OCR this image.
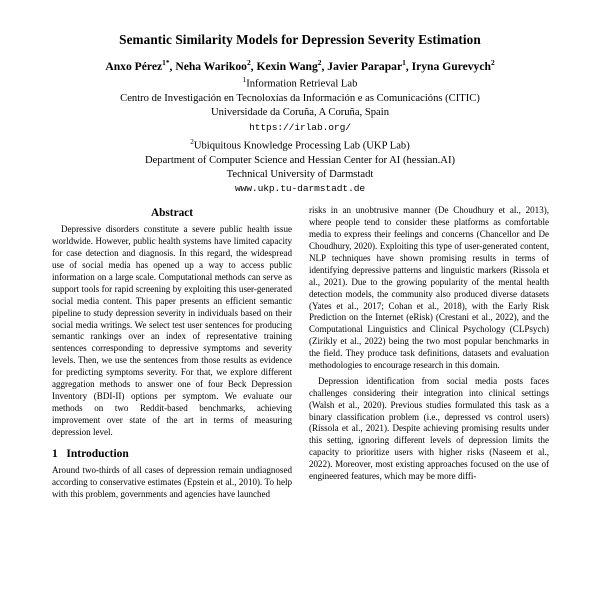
Semantic Similarity Models for Depression Severity Estimation
Anxo Pérez$^{1*}$, Neha Warikoo$^2$, Kexin Wang$^2$, Javier Parapar$^1$, Iryna Gurevych$^2$
$^1$Information Retrieval Lab
Centro de Investigación en Tecnoloxías da Información e as Comunicacións (CITIC)
Universidade da Coruña, A Coruña, Spain
https://irlab.org/
$^2$Ubiquitous Knowledge Processing Lab (UKP Lab)
Department of Computer Science and Hessian Center for AI (hessian.AI)
Technical University of Darmstadt
www.ukp.tu-darmstadt.de
Abstract

Depressive disorders constitute a severe public health issue worldwide. However, public health systems have limited capacity for case detection and diagnosis. In this regard, the widespread use of social media has opened up a way to access public information on a large scale. Computational methods can serve as support tools for rapid screening by exploiting this user-generated social media content. This paper presents an efficient semantic pipeline to study depression severity in individuals based on their social media writings. We select test user sentences for producing semantic rankings over an index of representative training sentences corresponding to depressive symptoms and severity levels. Then, we use the sentences from those results as evidence for predicting symptoms severity. For that, we explore different aggregation methods to answer one of four Beck Depression Inventory (BDI-II) options per symptom. We evaluate our methods on two Reddit-based benchmarks, achieving improvement over state of the art in terms of measuring depression level.

1 Introduction

Around two-thirds of all cases of depression remain undiagnosed according to conservative estimates (Epstein et al., 2010). To help with this problem, governments and agencies have launched

risks in an unobtrusive manner (De Choudhury et al., 2013), where people tend to consider these platforms as comfortable media to express their feelings and concerns (Chancellor and De Choudhury, 2020). Exploiting this type of user-generated content, NLP techniques have shown promising results in terms of identifying depressive patterns and linguistic markers (Rissola et al., 2021). Due to the growing popularity of the mental health detection models, the community also produced diverse datasets (Yates et al., 2017; Cohan et al., 2018), with the Early Risk Prediction on the Internet (eRisk) (Crestani et al., 2022), and the Computational Linguistics and Clinical Psychology (CLPsych) (Zirikly et al., 2022) being the two most popular benchmarks in the field. They produce task definitions, datasets and evaluation methodologies to encourage research in this domain.

Depression identification from social media posts faces challenges considering their integration into clinical settings (Walsh et al., 2020). Previous studies formulated this task as a binary classification problem (i.e., depressed vs control users) (Ríssola et al., 2021). Despite achieving promising results under this setting, ignoring different levels of depression limits the capacity to prioritize users with higher risks (Naseem et al., 2022). Moreover, most existing approaches focused on the use of engineered features, which may be more diffi-
